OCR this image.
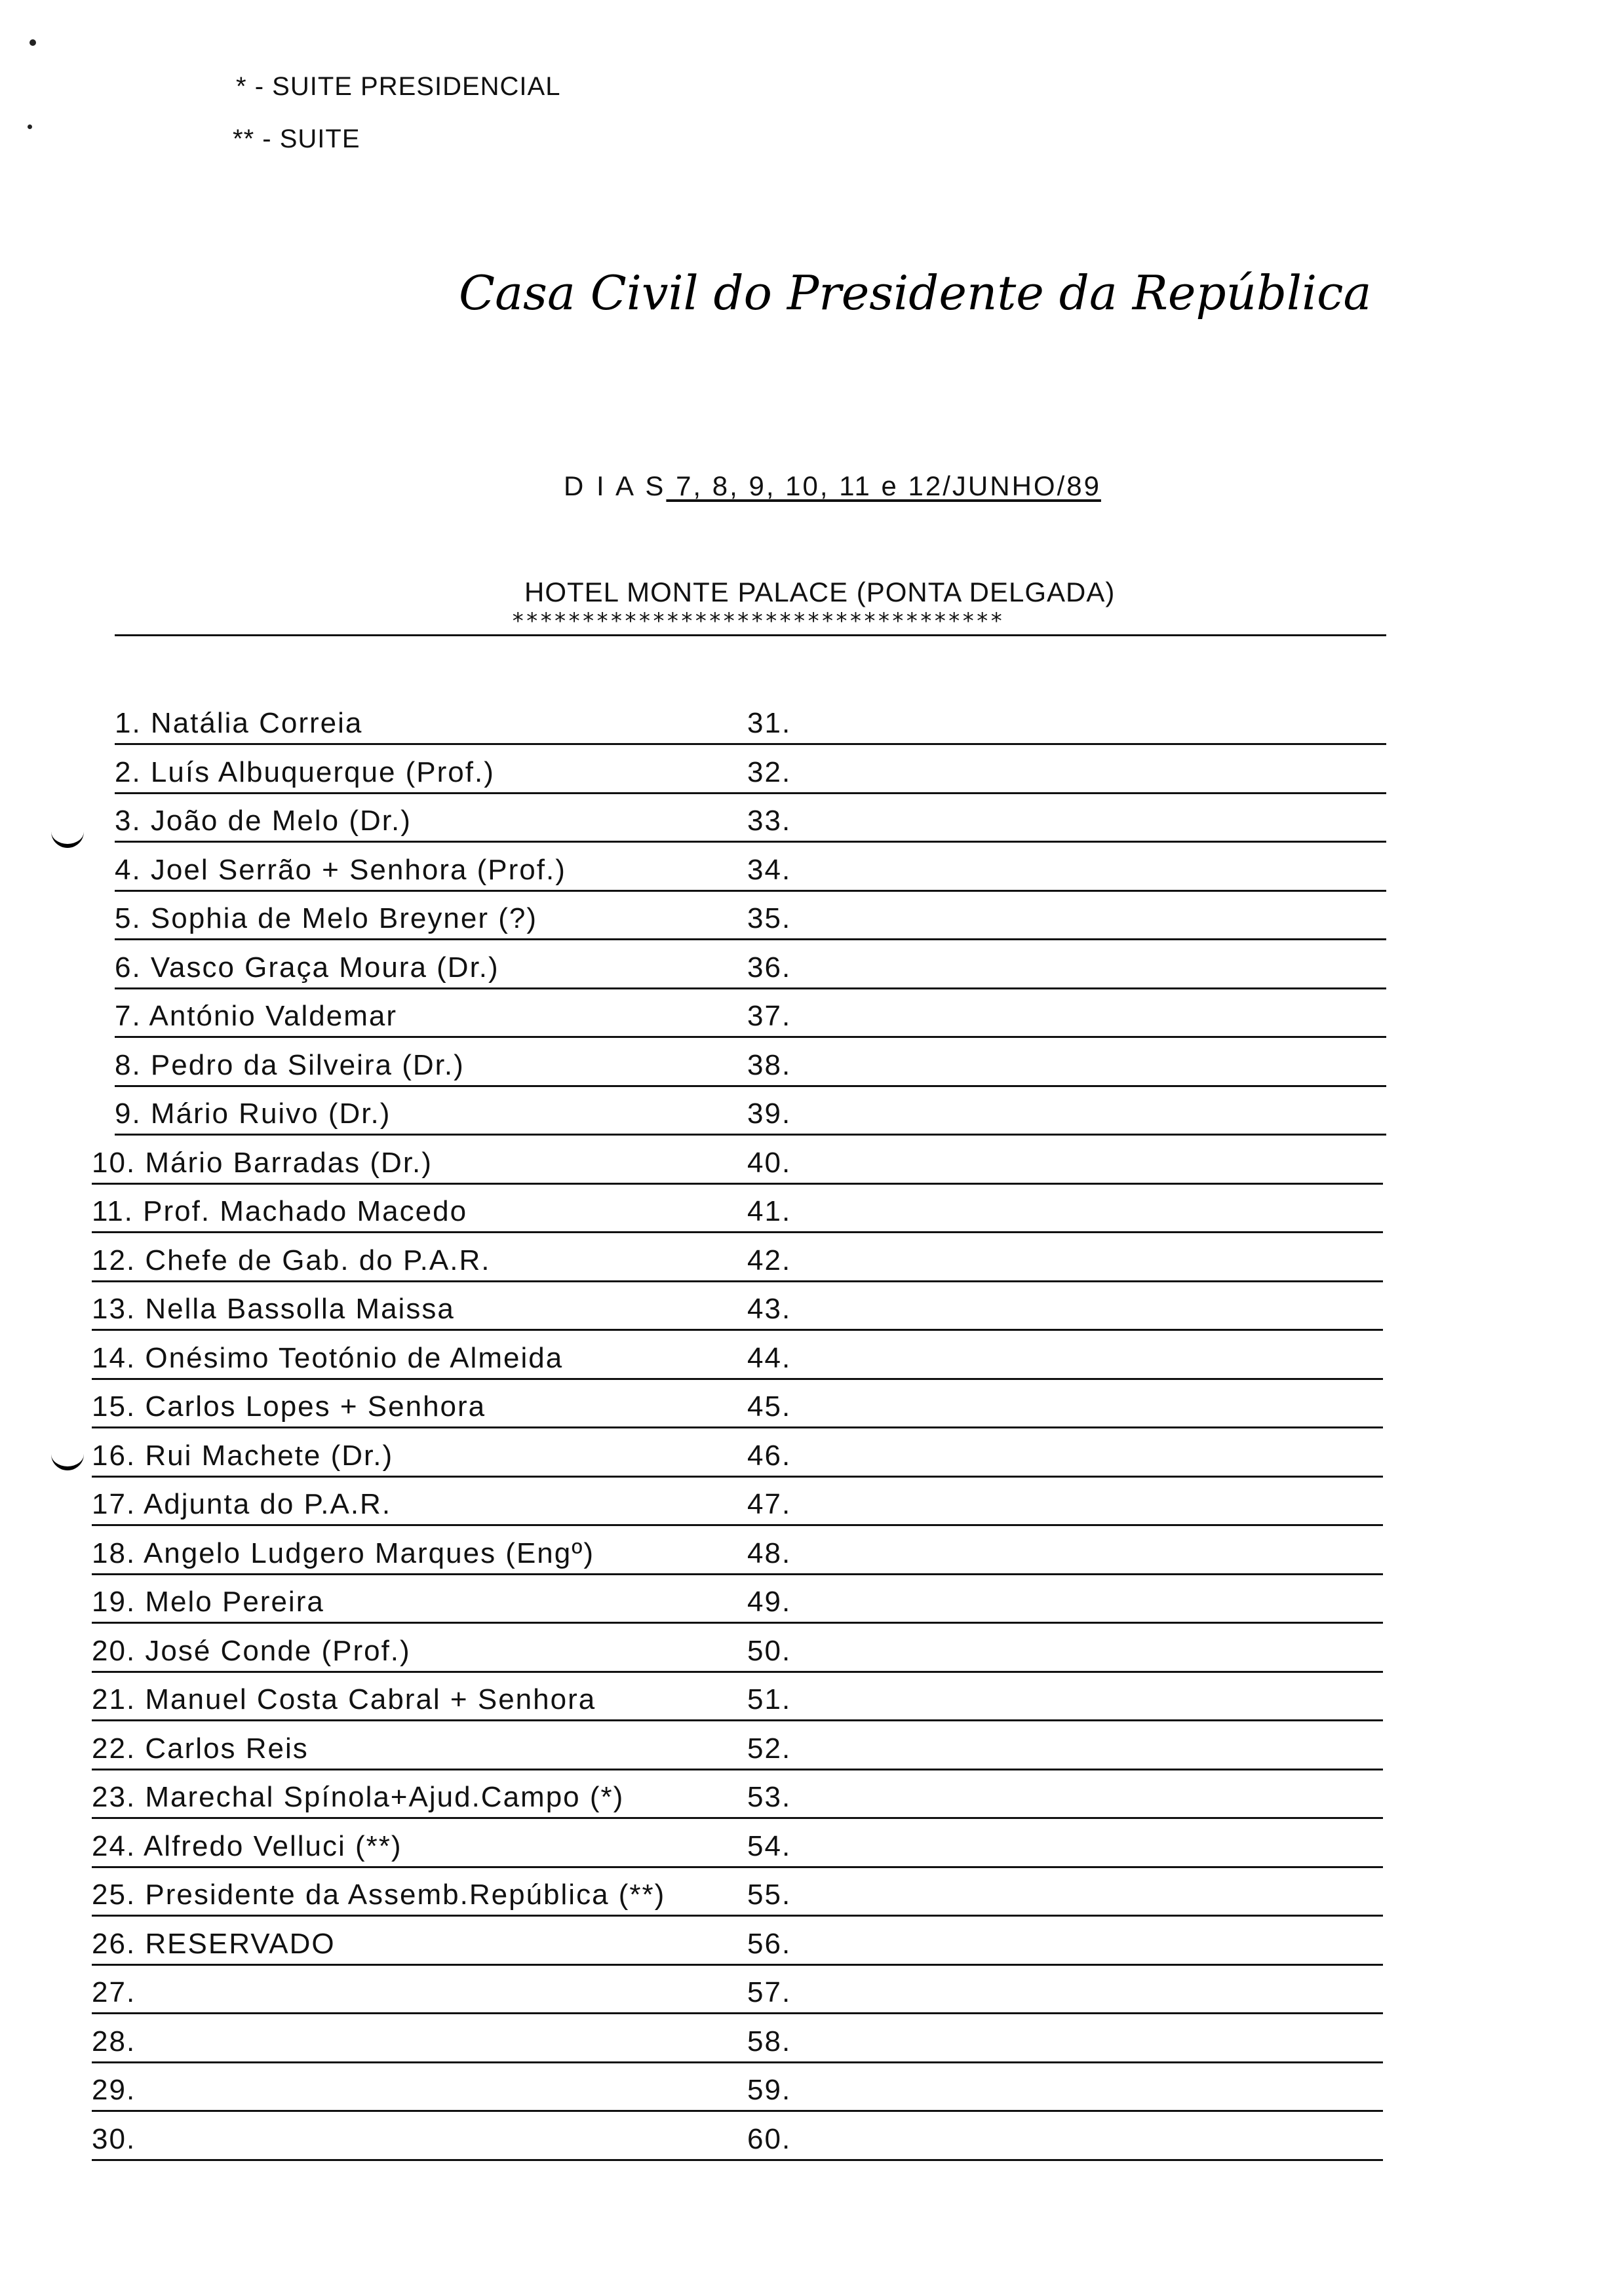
* - SUITE PRESIDENCIAL
** - SUITE
Casa Civil do Presidente da República
D I A S 7, 8, 9, 10, 11 e 12/JUNHO/89
HOTEL MONTE PALACE (PONTA DELGADA)
***********************************
1. Natália Correia	31.
2. Luís Albuquerque (Prof.)	32.
3. João de Melo (Dr.)	33.
4. Joel Serrão + Senhora (Prof.)	34.
5. Sophia de Melo Breyner (?)	35.
6. Vasco Graça Moura (Dr.)	36.
7. António Valdemar	37.
8. Pedro da Silveira (Dr.)	38.
9. Mário Ruivo (Dr.)	39.
10. Mário Barradas (Dr.)	40.
11. Prof. Machado Macedo	41.
12. Chefe de Gab. do P.A.R.	42.
13. Nella Bassolla Maissa	43.
14. Onésimo Teotónio de Almeida	44.
15. Carlos Lopes + Senhora	45.
16. Rui Machete (Dr.)	46.
17. Adjunta do P.A.R.	47.
18. Angelo Ludgero Marques (Engº)	48.
19. Melo Pereira	49.
20. José Conde (Prof.)	50.
21. Manuel Costa Cabral + Senhora	51.
22. Carlos Reis	52.
23. Marechal Spínola+Ajud.Campo (*)	53.
24. Alfredo Velluci (**)	54.
25. Presidente da Assemb.República (**)	55.
26. RESERVADO	56.
27.	57.
28.	58.
29.	59.
30.	60.
